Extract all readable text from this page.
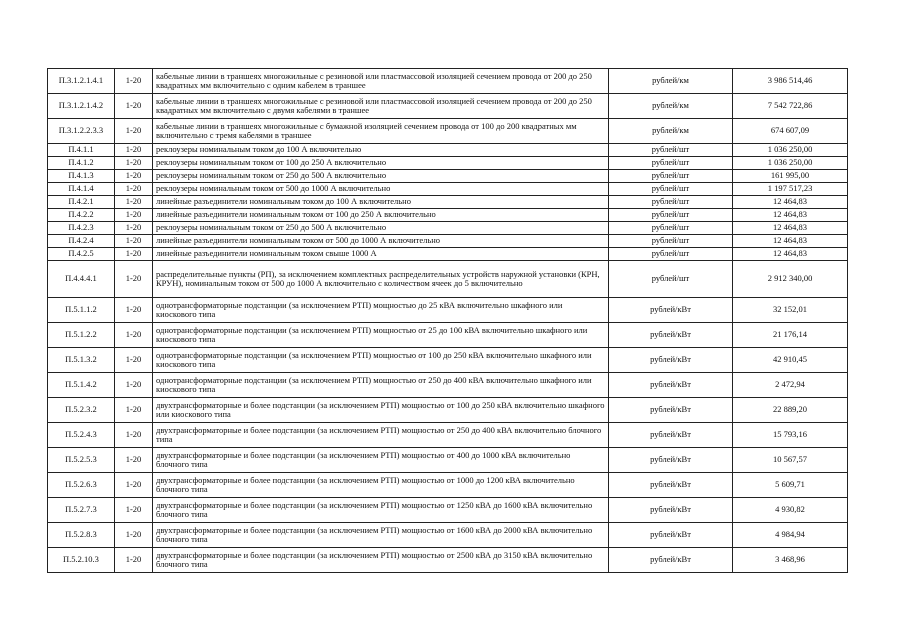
П.3.1.2.1.4.1	1-20	кабельные линии в траншеях многожильные с резиновой или пластмассовой изоляцией сечением провода от 200 до 250 квадратных мм включительно с одним кабелем в траншее	рублей/км	3 986 514,46
П.3.1.2.1.4.2	1-20	кабельные линии в траншеях многожильные с резиновой или пластмассовой изоляцией сечением провода от 200 до 250 квадратных мм включительно с двумя кабелями в траншее	рублей/км	7 542 722,86
П.3.1.2.2.3.3	1-20	кабельные линии в траншеях многожильные с бумажной изоляцией сечением провода от 100 до 200 квадратных мм включительно с тремя кабелями в траншее	рублей/км	674 607,09
П.4.1.1	1-20	реклоузеры номинальным током до 100 А включительно	рублей/шт	1 036 250,00
П.4.1.2	1-20	реклоузеры номинальным током от 100 до 250 А включительно	рублей/шт	1 036 250,00
П.4.1.3	1-20	реклоузеры номинальным током от 250 до 500 А включительно	рублей/шт	161 995,00
П.4.1.4	1-20	реклоузеры номинальным током от 500 до 1000 А включительно	рублей/шт	1 197 517,23
П.4.2.1	1-20	линейные разъединители номинальным током до 100 А включительно	рублей/шт	12 464,83
П.4.2.2	1-20	линейные разъединители номинальным током от 100 до 250 А включительно	рублей/шт	12 464,83
П.4.2.3	1-20	реклоузеры номинальным током от 250 до 500 А включительно	рублей/шт	12 464,83
П.4.2.4	1-20	линейные разъединители номинальным током от 500 до 1000 А включительно	рублей/шт	12 464,83
П.4.2.5	1-20	линейные разъединители номинальным током свыше 1000 А	рублей/шт	12 464,83
П.4.4.4.1	1-20	распределительные пункты (РП), за исключением комплектных распределительных устройств наружной установки (КРН, КРУН), номинальным током от 500 до 1000 А включительно с количеством ячеек до 5 включительно	рублей/шт	2 912 340,00
П.5.1.1.2	1-20	однотрансформаторные подстанции (за исключением РТП) мощностью до 25 кВА включительно шкафного или киоскового типа	рублей/кВт	32 152,01
П.5.1.2.2	1-20	однотрансформаторные подстанции (за исключением РТП) мощностью от 25 до 100 кВА включительно шкафного или киоскового типа	рублей/кВт	21 176,14
П.5.1.3.2	1-20	однотрансформаторные подстанции (за исключением РТП) мощностью от 100 до 250 кВА включительно шкафного или киоскового типа	рублей/кВт	42 910,45
П.5.1.4.2	1-20	однотрансформаторные подстанции (за исключением РТП) мощностью от 250 до 400 кВА включительно шкафного или киоскового типа	рублей/кВт	2 472,94
П.5.2.3.2	1-20	двухтрансформаторные и более подстанции (за исключением РТП) мощностью от 100 до 250 кВА включительно шкафного или киоскового типа	рублей/кВт	22 889,20
П.5.2.4.3	1-20	двухтрансформаторные и более подстанции (за исключением РТП) мощностью от 250 до 400 кВА включительно блочного типа	рублей/кВт	15 793,16
П.5.2.5.3	1-20	двухтрансформаторные и более подстанции (за исключением РТП) мощностью от 400 до 1000 кВА включительно блочного типа	рублей/кВт	10 567,57
П.5.2.6.3	1-20	двухтрансформаторные и более подстанции (за исключением РТП) мощностью от 1000 до 1200 кВА включительно блочного типа	рублей/кВт	5 609,71
П.5.2.7.3	1-20	двухтрансформаторные и более подстанции (за исключением РТП) мощностью от 1250 кВА до 1600 кВА включительно блочного типа	рублей/кВт	4 930,82
П.5.2.8.3	1-20	двухтрансформаторные и более подстанции (за исключением РТП) мощностью от 1600 кВА до 2000 кВА включительно блочного типа	рублей/кВт	4 984,94
П.5.2.10.3	1-20	двухтрансформаторные и более подстанции (за исключением РТП) мощностью от 2500 кВА до 3150 кВА включительно блочного типа	рублей/кВт	3 468,96
